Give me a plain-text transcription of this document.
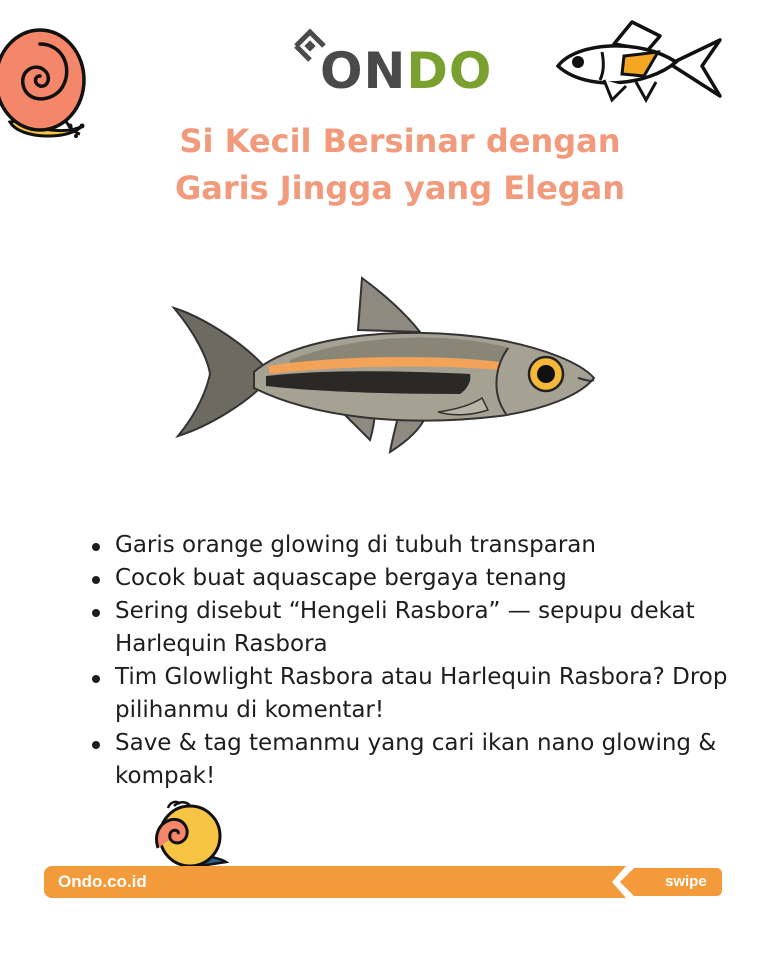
ONDO
Si Kecil Bersinar dengan
Garis Jingga yang Elegan
Garis orange glowing di tubuh transparan
Cocok buat aquascape bergaya tenang
Sering disebut “Hengeli Rasbora” — sepupu dekat Harlequin Rasbora
Tim Glowlight Rasbora atau Harlequin Rasbora? Drop pilihanmu di komentar!
Save & tag temanmu yang cari ikan nano glowing & kompak!
Ondo.co.id	swipe
